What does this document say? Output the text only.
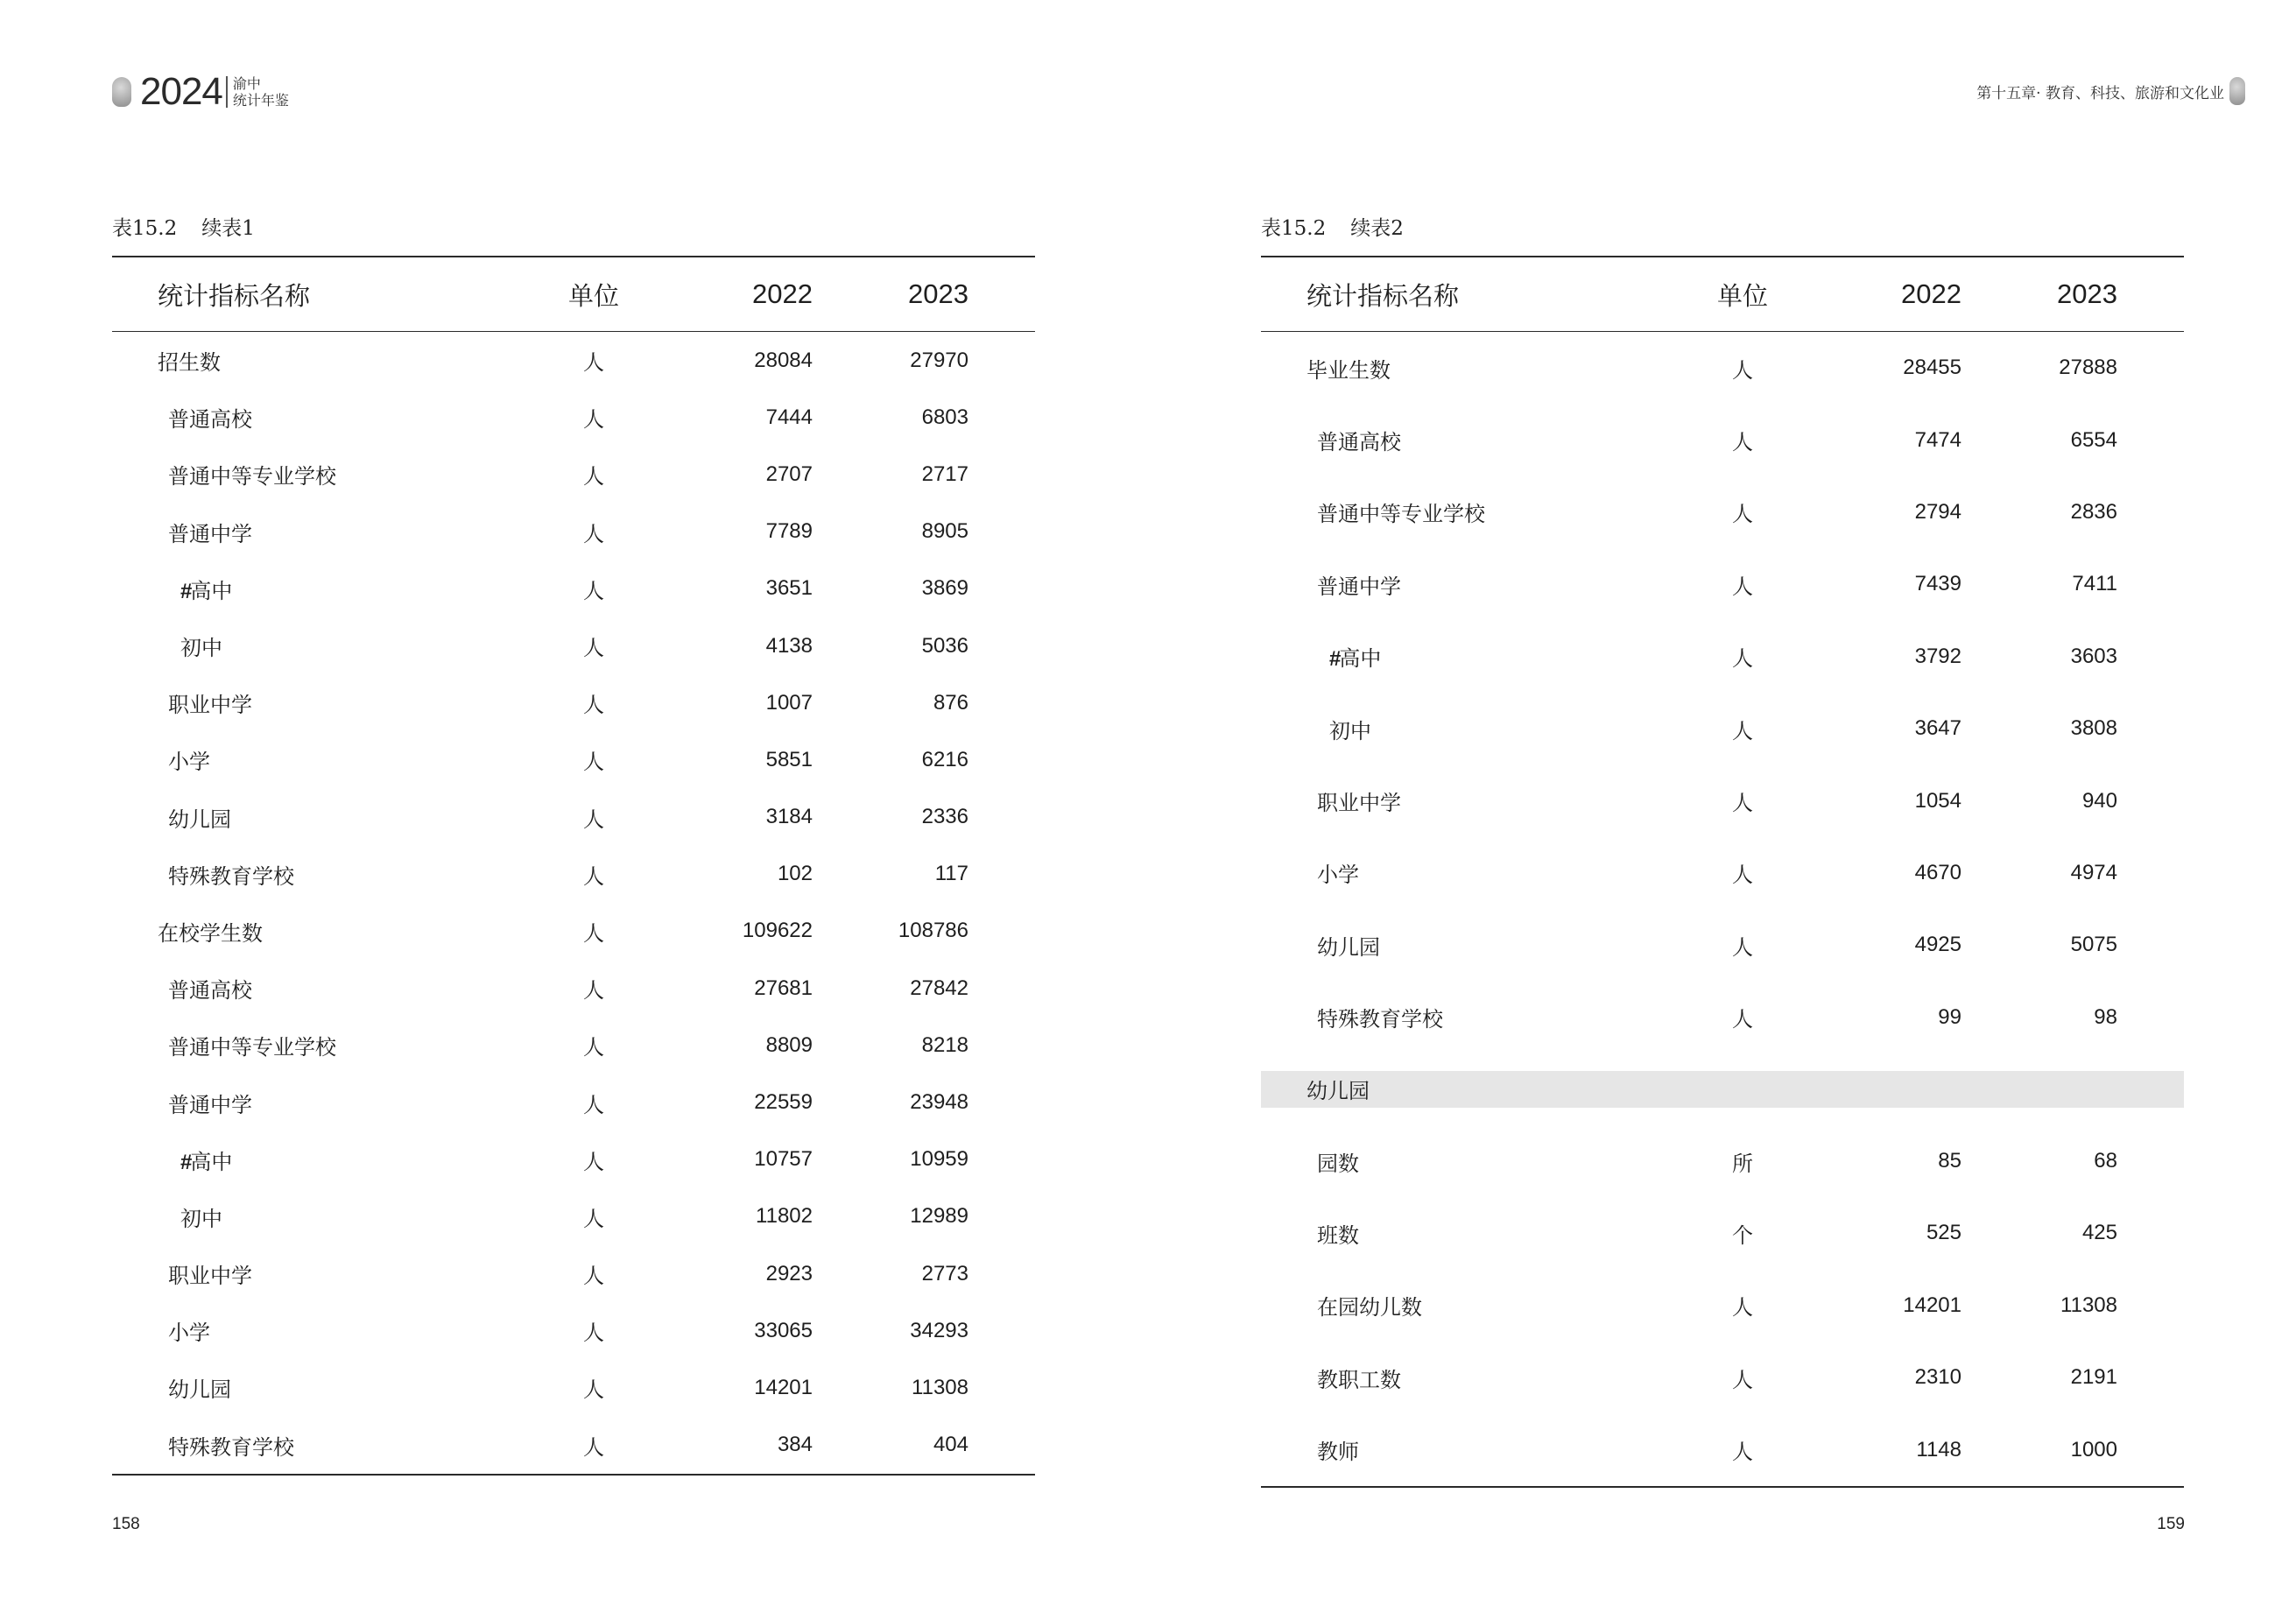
2024 渝中
统计年鉴
表15.2 续表1
统计指标名称	单位	2022	2023
招生数	人	28084	27970
普通高校	人	7444	6803
普通中等专业学校	人	2707	2717
普通中学	人	7789	8905
#高中	人	3651	3869
初中	人	4138	5036
职业中学	人	1007	876
小学	人	5851	6216
幼儿园	人	3184	2336
特殊教育学校	人	102	117
在校学生数	人	109622	108786
普通高校	人	27681	27842
普通中等专业学校	人	8809	8218
普通中学	人	22559	23948
#高中	人	10757	10959
初中	人	11802	12989
职业中学	人	2923	2773
小学	人	33065	34293
幼儿园	人	14201	11308
特殊教育学校	人	384	404
158
第十五章· 教育、科技、旅游和文化业
表15.2 续表2
统计指标名称	单位	2022	2023
毕业生数	人	28455	27888
普通高校	人	7474	6554
普通中等专业学校	人	2794	2836
普通中学	人	7439	7411
#高中	人	3792	3603
初中	人	3647	3808
职业中学	人	1054	940
小学	人	4670	4974
幼儿园	人	4925	5075
特殊教育学校	人	99	98
幼儿园
园数	所	85	68
班数	个	525	425
在园幼儿数	人	14201	11308
教职工数	人	2310	2191
教师	人	1148	1000
159
